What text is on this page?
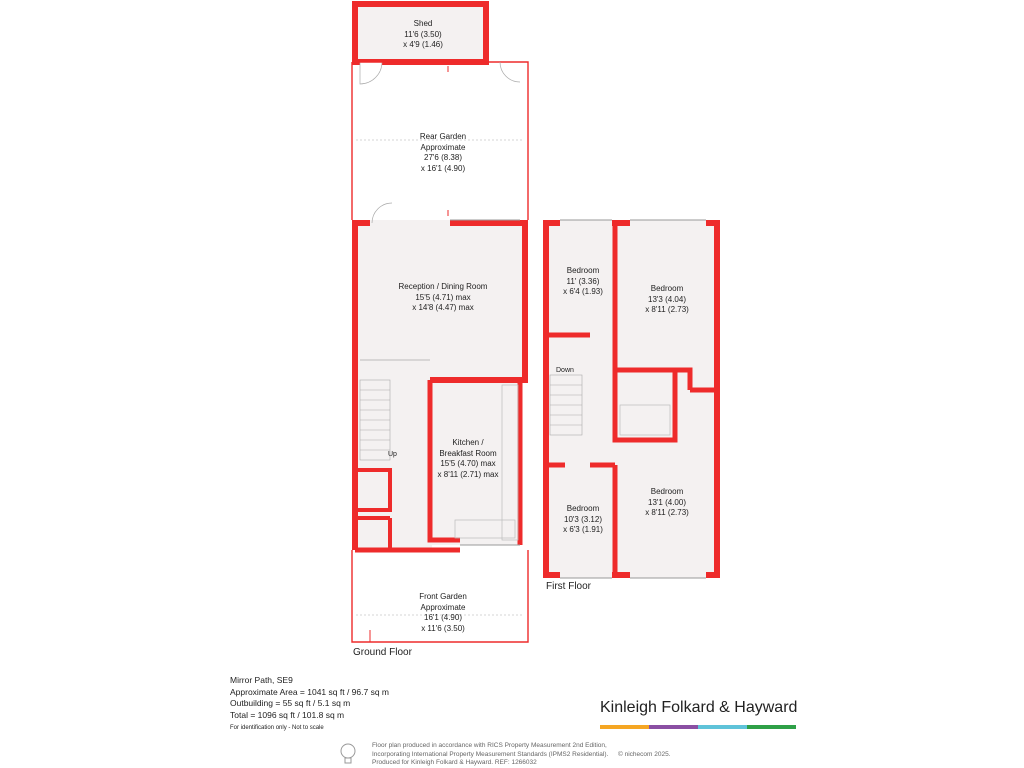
Shed
11'6 (3.50)
x 4'9 (1.46)
Rear Garden
Approximate
27'6 (8.38)
x 16'1 (4.90)
Reception / Dining Room
15'5 (4.71) max
x 14'8 (4.47) max
Kitchen /
Breakfast Room
15'5 (4.70) max
x 8'11 (2.71) max
Front Garden
Approximate
16'1 (4.90)
x 11'6 (3.50)
Bedroom
11' (3.36)
x 6'4 (1.93)	Bedroom
13'3 (4.04)
x 8'11 (2.73)
Bedroom
13'1 (4.00)
x 8'11 (2.73)
Bedroom
10'3 (3.12)
x 6'3 (1.91)
Up
Down
Ground Floor
First Floor
Mirror Path, SE9
Approximate Area = 1041 sq ft / 96.7 sq m
Outbuilding = 55 sq ft / 5.1 sq m
Total = 1096 sq ft / 101.8 sq m
For identification only - Not to scale
Kinleigh Folkard & Hayward
Floor plan produced in accordance with RICS Property Measurement 2nd Edition,
Incorporating International Property Measurement Standards (IPMS2 Residential).
Produced for Kinleigh Folkard & Hayward. REF: 1266032
© nichecom 2025.
